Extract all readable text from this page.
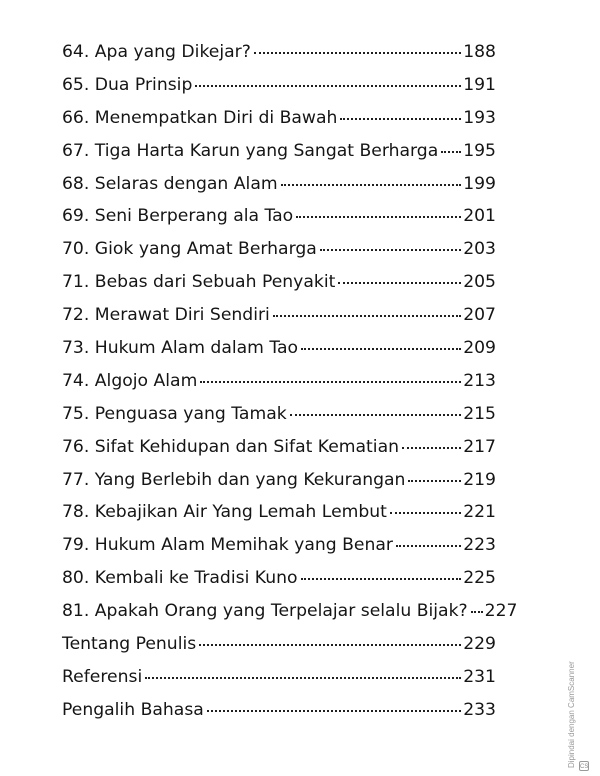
64. Apa yang Dikejar?	188
65. Dua Prinsip	191
66. Menempatkan Diri di Bawah	193
67. Tiga Harta Karun yang Sangat Berharga 195
68. Selaras dengan Alam	199
69. Seni Berperang ala Tao	201
70. Giok yang Amat Berharga	203
71. Bebas dari Sebuah Penyakit	205
72. Merawat Diri Sendiri	207
73. Hukum Alam dalam Tao	209
74. Algojo Alam	213
75. Penguasa yang Tamak	215
76. Sifat Kehidupan dan Sifat Kematian	217
77. Yang Berlebih dan yang Kekurangan	219
78. Kebajikan Air Yang Lemah Lembut	221
79. Hukum Alam Memihak yang Benar	223
80. Kembali ke Tradisi Kuno	225
81. Apakah Orang yang Terpelajar selalu Bijak? 227
Tentang Penulis	229
Referensi	231
Pengalih Bahasa	233	Dipindai dengan CamScanner CS
